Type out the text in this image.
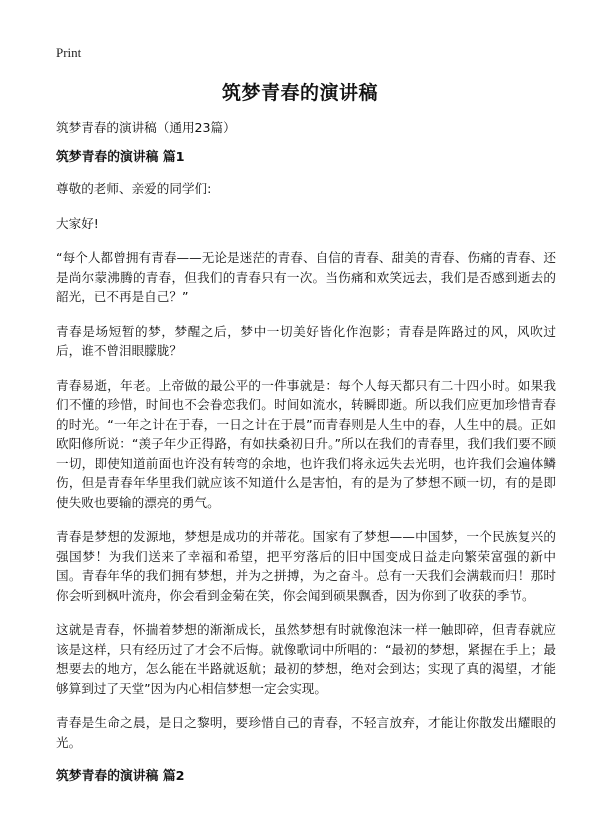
Print
筑梦青春的演讲稿

筑梦青春的演讲稿（通用23篇）

筑梦青春的演讲稿 篇1

尊敬的老师、亲爱的同学们:

大家好!

“每个人都曾拥有青春——无论是迷茫的青春、自信的青春、甜美的青春、伤痛的青春、还是尚尔蒙沸腾的青春，但我们的青春只有一次。当伤痛和欢笑远去，我们是否感到逝去的韶光，已不再是自己？”

青春是场短暂的梦，梦醒之后，梦中一切美好皆化作泡影；青春是阵路过的风，风吹过后，谁不曾泪眼朦胧？

青春易逝，年老。上帝做的最公平的一件事就是：每个人每天都只有二十四小时。如果我们不懂的珍惜，时间也不会眷恋我们。时间如流水，转瞬即逝。所以我们应更加珍惜青春的时光。“一年之计在于春，一日之计在于晨”而青春则是人生中的春，人生中的晨。正如欧阳修所说：“羡子年少正得路，有如扶桑初日升。”所以在我们的青春里，我们我们要不顾一切，即使知道前面也许没有转弯的余地，也许我们将永远失去光明，也许我们会遍体鳞伤，但是青春年华里我们就应该不知道什么是害怕，有的是为了梦想不顾一切，有的是即使失败也要输的漂亮的勇气。

青春是梦想的发源地，梦想是成功的并蒂花。国家有了梦想——中国梦，一个民族复兴的强国梦！为我们送来了幸福和希望，把平穷落后的旧中国变成日益走向繁荣富强的新中国。青春年华的我们拥有梦想，并为之拼搏，为之奋斗。总有一天我们会满载而归！那时你会听到枫叶流舟，你会看到金菊在笑，你会闻到硕果飘香，因为你到了收获的季节。

这就是青春，怀揣着梦想的渐渐成长，虽然梦想有时就像泡沫一样一触即碎，但青春就应该是这样，只有经历过了才会不后悔。就像歌词中所唱的：“最初的梦想，紧握在手上；最想要去的地方，怎么能在半路就返航；最初的梦想，绝对会到达；实现了真的渴望，才能够算到过了天堂”因为内心相信梦想一定会实现。

青春是生命之晨，是日之黎明，要珍惜自己的青春，不轻言放弃，才能让你散发出耀眼的光。

筑梦青春的演讲稿 篇2
